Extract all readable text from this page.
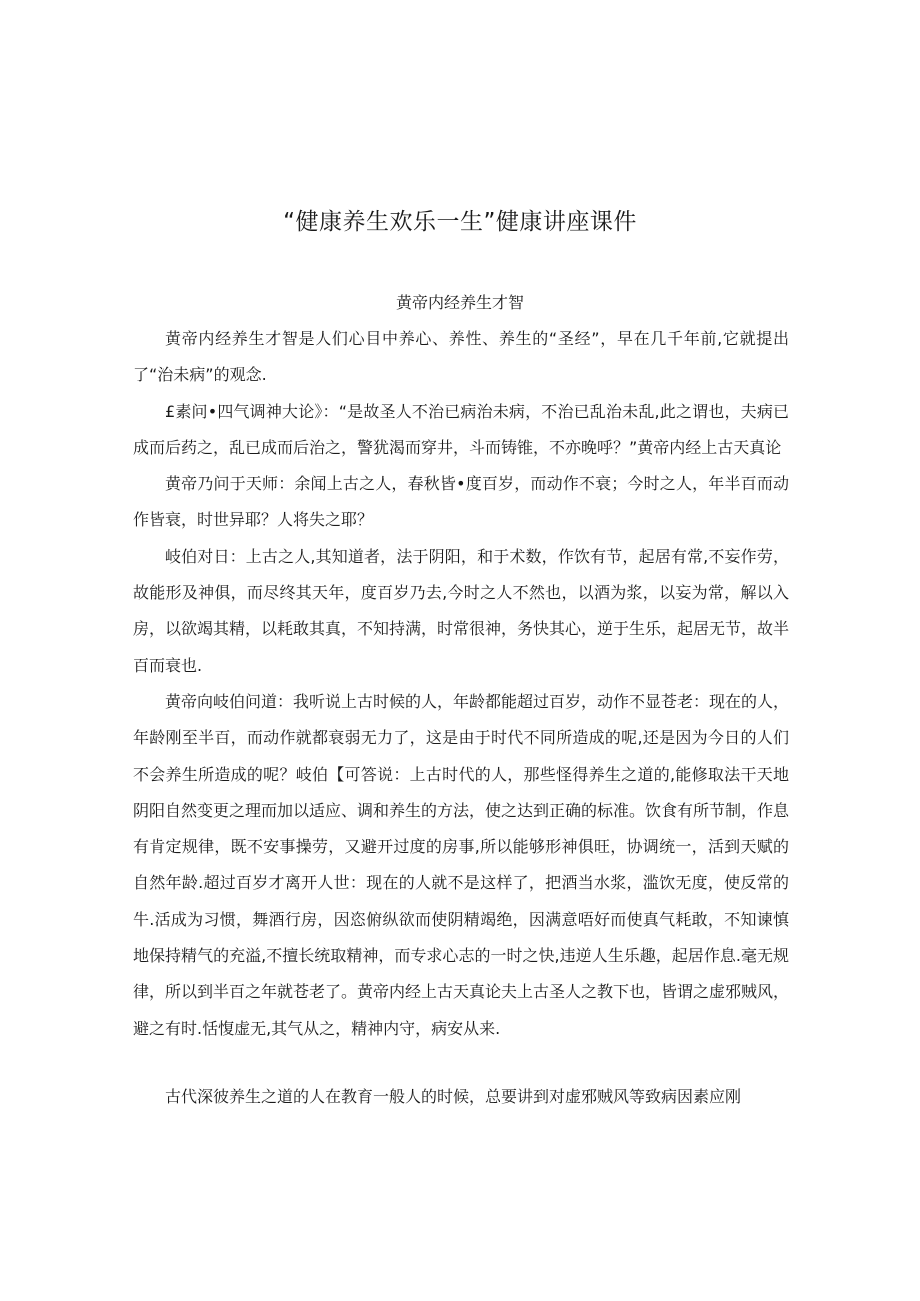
“健康养生欢乐一生”健康讲座课件
黄帝内经养生才智

黄帝内经养生才智是人们心目中养心、养性、养生的“圣经”，早在几千年前,它就提出了“治未病”的观念.

£素问•四气调神大论》：“是故圣人不治已病治未病，不治已乱治未乱,此之谓也，夫病已成而后药之，乱已成而后治之，警犹渴而穿井，斗而铸锥，不亦晚呼？”黄帝内经上古天真论

黄帝乃问于天师：余闻上古之人，春秋皆•度百岁，而动作不衰；今时之人，年半百而动作皆衰，时世异耶？人将失之耶？

岐伯对日：上古之人,其知道者，法于阴阳，和于术数，作饮有节，起居有常,不妄作劳，故能形及神俱，而尽终其天年，度百岁乃去,今时之人不然也，以酒为浆，以妄为常，解以入房，以欲竭其精，以耗敢其真，不知持满，时常很神，务快其心，逆于生乐，起居无节，故半百而衰也.

黄帝向岐伯问道：我听说上古时候的人，年龄都能超过百岁，动作不显苍老：现在的人，年龄刚至半百，而动作就都衰弱无力了，这是由于时代不同所造成的呢,还是因为今日的人们不会养生所造成的呢？岐伯【可答说：上古时代的人，那些怪得养生之道的,能修取法干天地阴阳自然变更之理而加以适应、调和养生的方法，使之达到正确的标准。饮食有所节制，作息有肯定规律，既不安事操劳，又避开过度的房事,所以能够形神俱旺，协调统一，活到天赋的自然年龄.超过百岁才离开人世：现在的人就不是这样了，把酒当水浆，滥饮无度，使反常的牛.活成为习惯，舞酒行房，因恣俯纵欲而使阴精竭绝，因满意唔好而使真气耗敢，不知谏慎地保持精气的充溢,不擅长统取精神，而专求心志的一时之快,违逆人生乐趣，起居作息.毫无规律，所以到半百之年就苍老了。黄帝内经上古天真论夫上古圣人之教下也，皆谓之虚邪贼风，避之有时.恬愎虚无,其气从之，精神内守，病安从来.

古代深彼养生之道的人在教育一般人的时候，总要讲到对虚邪贼风等致病因素应刚
